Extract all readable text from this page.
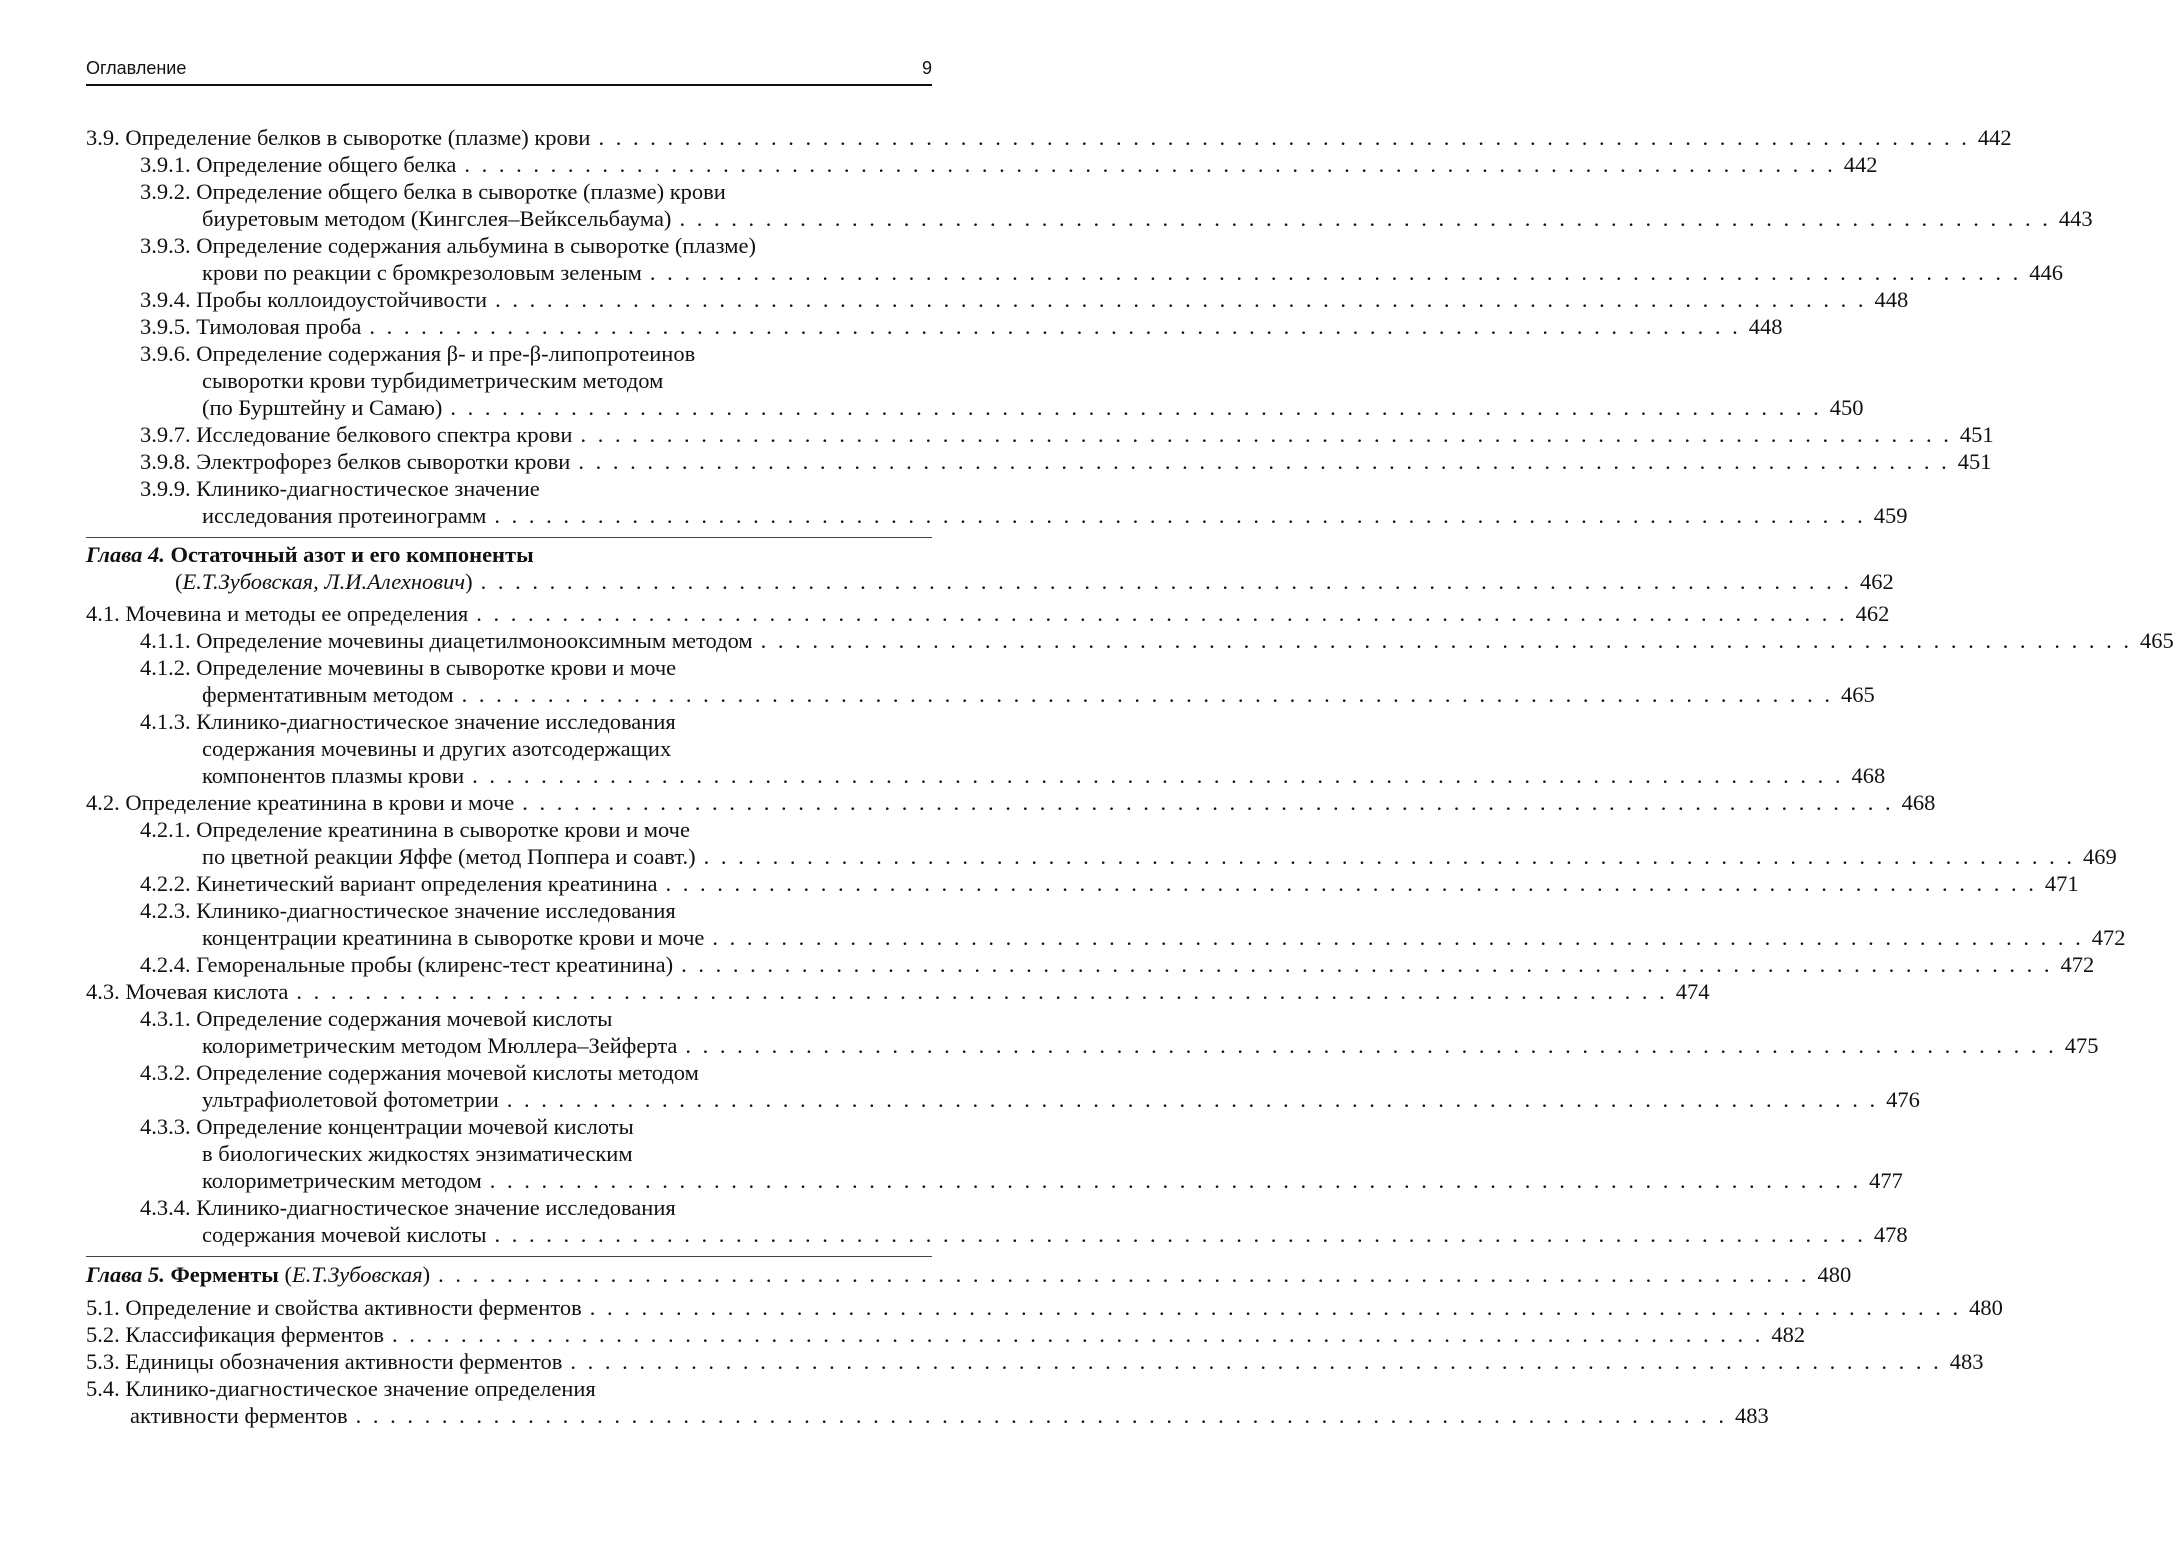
Оглавление	9
3.9. Определение белков в сыворотке (плазме) крови . . . . . . . . . . . . . . . . . . . . . . . . . . . . . . . . . . . . . . . . . . . . . . . . . . . . . . . . . . . . . . . . . . . . . . . . . . . . . . . . 442
3.9.1. Определение общего белка . . . . . . . . . . . . . . . . . . . . . . . . . . . . . . . . . . . . . . . . . . . . . . . . . . . . . . . . . . . . . . . . . . . . . . . . . . . . . . . . 442
3.9.2. Определение общего белка в сыворотке (плазме) крови
биуретовым методом (Кингслея–Вейксельбаума) . . . . . . . . . . . . . . . . . . . . . . . . . . . . . . . . . . . . . . . . . . . . . . . . . . . . . . . . . . . . . . . . . . . . . . . . . . . . . . . . 443
3.9.3. Определение содержания альбумина в сыворотке (плазме)
крови по реакции с бромкрезоловым зеленым . . . . . . . . . . . . . . . . . . . . . . . . . . . . . . . . . . . . . . . . . . . . . . . . . . . . . . . . . . . . . . . . . . . . . . . . . . . . . . . . 446
3.9.4. Пробы коллоидоустойчивости . . . . . . . . . . . . . . . . . . . . . . . . . . . . . . . . . . . . . . . . . . . . . . . . . . . . . . . . . . . . . . . . . . . . . . . . . . . . . . . . 448
3.9.5. Тимоловая проба . . . . . . . . . . . . . . . . . . . . . . . . . . . . . . . . . . . . . . . . . . . . . . . . . . . . . . . . . . . . . . . . . . . . . . . . . . . . . . . . 448
3.9.6. Определение содержания β- и пре-β-липопротеинов
сыворотки крови турбидиметрическим методом
(по Бурштейну и Самаю) . . . . . . . . . . . . . . . . . . . . . . . . . . . . . . . . . . . . . . . . . . . . . . . . . . . . . . . . . . . . . . . . . . . . . . . . . . . . . . . . 450
3.9.7. Исследование белкового спектра крови . . . . . . . . . . . . . . . . . . . . . . . . . . . . . . . . . . . . . . . . . . . . . . . . . . . . . . . . . . . . . . . . . . . . . . . . . . . . . . . . 451
3.9.8. Электрофорез белков сыворотки крови . . . . . . . . . . . . . . . . . . . . . . . . . . . . . . . . . . . . . . . . . . . . . . . . . . . . . . . . . . . . . . . . . . . . . . . . . . . . . . . . 451
3.9.9. Клинико-диагностическое значение
исследования протеинограмм . . . . . . . . . . . . . . . . . . . . . . . . . . . . . . . . . . . . . . . . . . . . . . . . . . . . . . . . . . . . . . . . . . . . . . . . . . . . . . . . 459
Глава 4. Остаточный азот и его компоненты
(Е.Т.Зубовская, Л.И.Алехнович) . . . . . . . . . . . . . . . . . . . . . . . . . . . . . . . . . . . . . . . . . . . . . . . . . . . . . . . . . . . . . . . . . . . . . . . . . . . . . . . . 462
4.1. Мочевина и методы ее определения . . . . . . . . . . . . . . . . . . . . . . . . . . . . . . . . . . . . . . . . . . . . . . . . . . . . . . . . . . . . . . . . . . . . . . . . . . . . . . . . 462
4.1.1. Определение мочевины диацетилмонооксимным методом . . . . . . . . . . . . . . . . . . . . . . . . . . . . . . . . . . . . . . . . . . . . . . . . . . . . . . . . . . . . . . . . . . . . . . . . . . . . . . . . 465
4.1.2. Определение мочевины в сыворотке крови и моче
ферментативным методом . . . . . . . . . . . . . . . . . . . . . . . . . . . . . . . . . . . . . . . . . . . . . . . . . . . . . . . . . . . . . . . . . . . . . . . . . . . . . . . . 465
4.1.3. Клинико-диагностическое значение исследования
содержания мочевины и других азотсодержащих
компонентов плазмы крови . . . . . . . . . . . . . . . . . . . . . . . . . . . . . . . . . . . . . . . . . . . . . . . . . . . . . . . . . . . . . . . . . . . . . . . . . . . . . . . . 468
4.2. Определение креатинина в крови и моче . . . . . . . . . . . . . . . . . . . . . . . . . . . . . . . . . . . . . . . . . . . . . . . . . . . . . . . . . . . . . . . . . . . . . . . . . . . . . . . . 468
4.2.1. Определение креатинина в сыворотке крови и моче
по цветной реакции Яффе (метод Поппера и соавт.) . . . . . . . . . . . . . . . . . . . . . . . . . . . . . . . . . . . . . . . . . . . . . . . . . . . . . . . . . . . . . . . . . . . . . . . . . . . . . . . . 469
4.2.2. Кинетический вариант определения креатинина . . . . . . . . . . . . . . . . . . . . . . . . . . . . . . . . . . . . . . . . . . . . . . . . . . . . . . . . . . . . . . . . . . . . . . . . . . . . . . . . 471
4.2.3. Клинико-диагностическое значение исследования
концентрации креатинина в сыворотке крови и моче . . . . . . . . . . . . . . . . . . . . . . . . . . . . . . . . . . . . . . . . . . . . . . . . . . . . . . . . . . . . . . . . . . . . . . . . . . . . . . . . 472
4.2.4. Геморенальные пробы (клиренс-тест креатинина) . . . . . . . . . . . . . . . . . . . . . . . . . . . . . . . . . . . . . . . . . . . . . . . . . . . . . . . . . . . . . . . . . . . . . . . . . . . . . . . . 472
4.3. Мочевая кислота . . . . . . . . . . . . . . . . . . . . . . . . . . . . . . . . . . . . . . . . . . . . . . . . . . . . . . . . . . . . . . . . . . . . . . . . . . . . . . . . 474
4.3.1. Определение содержания мочевой кислоты
колориметрическим методом Мюллера–Зейферта . . . . . . . . . . . . . . . . . . . . . . . . . . . . . . . . . . . . . . . . . . . . . . . . . . . . . . . . . . . . . . . . . . . . . . . . . . . . . . . . 475
4.3.2. Определение содержания мочевой кислоты методом
ультрафиолетовой фотометрии . . . . . . . . . . . . . . . . . . . . . . . . . . . . . . . . . . . . . . . . . . . . . . . . . . . . . . . . . . . . . . . . . . . . . . . . . . . . . . . . 476
4.3.3. Определение концентрации мочевой кислоты
в биологических жидкостях энзиматическим
колориметрическим методом . . . . . . . . . . . . . . . . . . . . . . . . . . . . . . . . . . . . . . . . . . . . . . . . . . . . . . . . . . . . . . . . . . . . . . . . . . . . . . . . 477
4.3.4. Клинико-диагностическое значение исследования
содержания мочевой кислоты . . . . . . . . . . . . . . . . . . . . . . . . . . . . . . . . . . . . . . . . . . . . . . . . . . . . . . . . . . . . . . . . . . . . . . . . . . . . . . . . 478
Глава 5. Ферменты (Е.Т.Зубовская) . . . . . . . . . . . . . . . . . . . . . . . . . . . . . . . . . . . . . . . . . . . . . . . . . . . . . . . . . . . . . . . . . . . . . . . . . . . . . . . . 480
5.1. Определение и свойства активности ферментов . . . . . . . . . . . . . . . . . . . . . . . . . . . . . . . . . . . . . . . . . . . . . . . . . . . . . . . . . . . . . . . . . . . . . . . . . . . . . . . . 480
5.2. Классификация ферментов . . . . . . . . . . . . . . . . . . . . . . . . . . . . . . . . . . . . . . . . . . . . . . . . . . . . . . . . . . . . . . . . . . . . . . . . . . . . . . . . 482
5.3. Единицы обозначения активности ферментов . . . . . . . . . . . . . . . . . . . . . . . . . . . . . . . . . . . . . . . . . . . . . . . . . . . . . . . . . . . . . . . . . . . . . . . . . . . . . . . . 483
5.4. Клинико-диагностическое значение определения
активности ферментов . . . . . . . . . . . . . . . . . . . . . . . . . . . . . . . . . . . . . . . . . . . . . . . . . . . . . . . . . . . . . . . . . . . . . . . . . . . . . . . . 483
